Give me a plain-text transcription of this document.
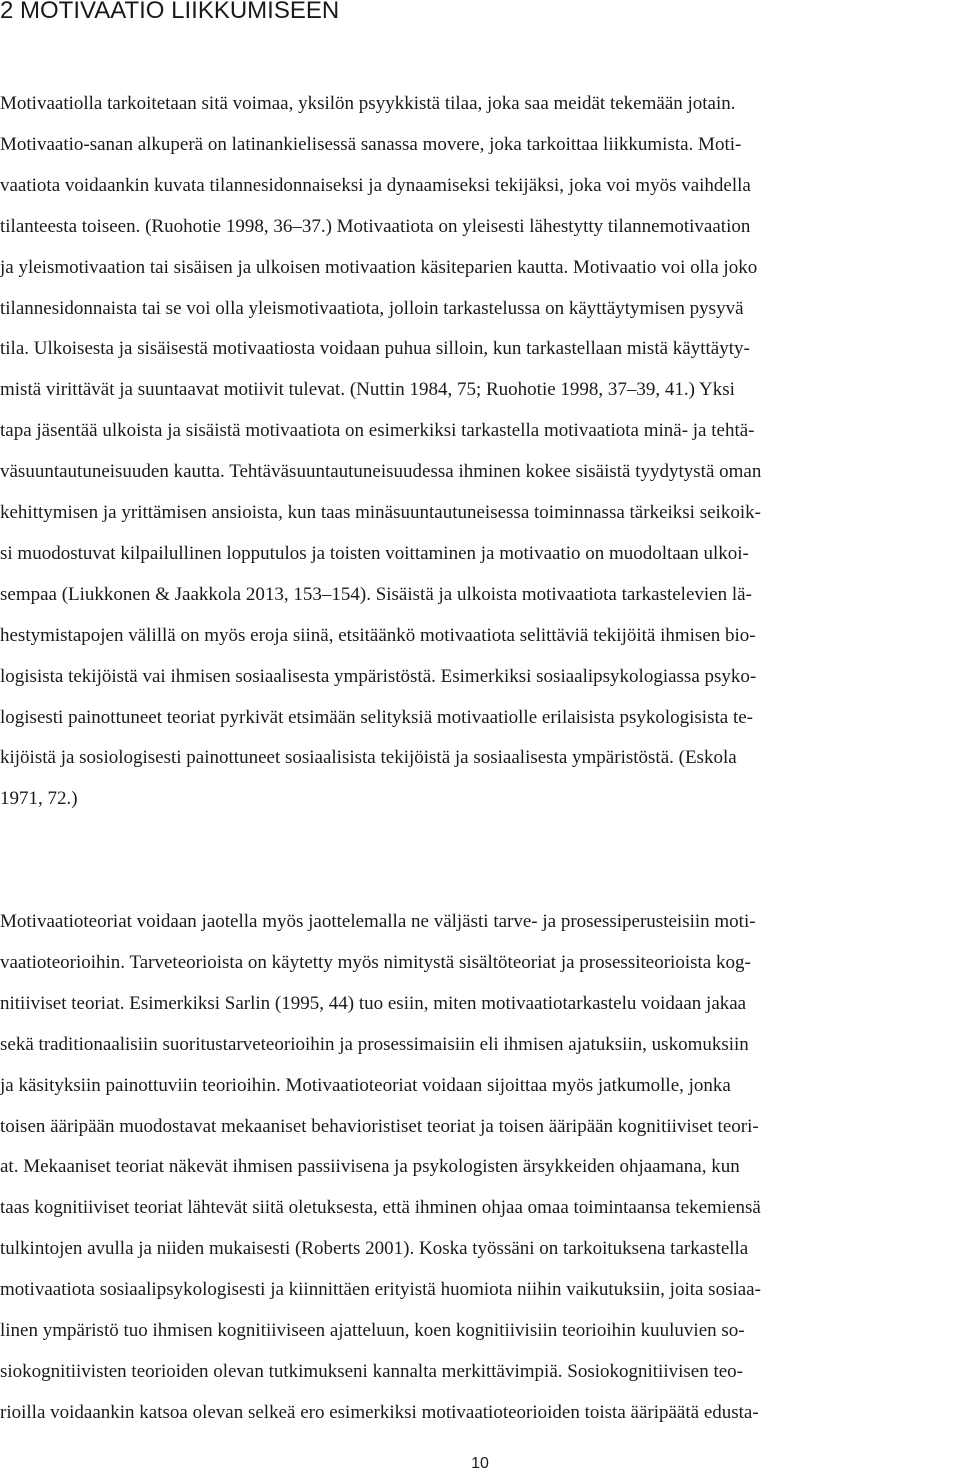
2 MOTIVAATIO LIIKKUMISEEN
Motivaatiolla tarkoitetaan sitä voimaa, yksilön psyykkistä tilaa, joka saa meidät tekemään jotain.
Motivaatio-sanan alkuperä on latinankielisessä sanassa movere, joka tarkoittaa liikkumista. Moti-
vaatiota voidaankin kuvata tilannesidonnaiseksi ja dynaamiseksi tekijäksi, joka voi myös vaihdella
tilanteesta toiseen. (Ruohotie 1998, 36–37.) Motivaatiota on yleisesti lähestytty tilannemotivaation
ja yleismotivaation tai sisäisen ja ulkoisen motivaation käsiteparien kautta. Motivaatio voi olla joko
tilannesidonnaista tai se voi olla yleismotivaatiota, jolloin tarkastelussa on käyttäytymisen pysyvä
tila. Ulkoisesta ja sisäisestä motivaatiosta voidaan puhua silloin, kun tarkastellaan mistä käyttäyty-
mistä virittävät ja suuntaavat motiivit tulevat. (Nuttin 1984, 75; Ruohotie 1998, 37–39, 41.) Yksi
tapa jäsentää ulkoista ja sisäistä motivaatiota on esimerkiksi tarkastella motivaatiota minä- ja tehtä-
väsuuntautuneisuuden kautta. Tehtäväsuuntautuneisuudessa ihminen kokee sisäistä tyydytystä oman
kehittymisen ja yrittämisen ansioista, kun taas minäsuuntautuneisessa toiminnassa tärkeiksi seikoik-
si muodostuvat kilpailullinen lopputulos ja toisten voittaminen ja motivaatio on muodoltaan ulkoi-
sempaa (Liukkonen & Jaakkola 2013, 153–154). Sisäistä ja ulkoista motivaatiota tarkastelevien lä-
hestymistapojen välillä on myös eroja siinä, etsitäänkö motivaatiota selittäviä tekijöitä ihmisen bio-
logisista tekijöistä vai ihmisen sosiaalisesta ympäristöstä. Esimerkiksi sosiaalipsykologiassa psyko-
logisesti painottuneet teoriat pyrkivät etsimään selityksiä motivaatiolle erilaisista psykologisista te-
kijöistä ja sosiologisesti painottuneet sosiaalisista tekijöistä ja sosiaalisesta ympäristöstä. (Eskola
1971, 72.)
Motivaatioteoriat voidaan jaotella myös jaottelemalla ne väljästi tarve- ja prosessiperusteisiin moti-
vaatioteorioihin. Tarveteorioista on käytetty myös nimitystä sisältöteoriat ja prosessiteorioista kog-
nitiiviset teoriat. Esimerkiksi Sarlin (1995, 44) tuo esiin, miten motivaatiotarkastelu voidaan jakaa
sekä traditionaalisiin suoritustarveteorioihin ja prosessimaisiin eli ihmisen ajatuksiin, uskomuksiin
ja käsityksiin painottuviin teorioihin. Motivaatioteoriat voidaan sijoittaa myös jatkumolle, jonka
toisen ääripään muodostavat mekaaniset behavioristiset teoriat ja toisen ääripään kognitiiviset teori-
at. Mekaaniset teoriat näkevät ihmisen passiivisena ja psykologisten ärsykkeiden ohjaamana, kun
taas kognitiiviset teoriat lähtevät siitä oletuksesta, että ihminen ohjaa omaa toimintaansa tekemiensä
tulkintojen avulla ja niiden mukaisesti (Roberts 2001). Koska työssäni on tarkoituksena tarkastella
motivaatiota sosiaalipsykologisesti ja kiinnittäen erityistä huomiota niihin vaikutuksiin, joita sosiaa-
linen ympäristö tuo ihmisen kognitiiviseen ajatteluun, koen kognitiivisiin teorioihin kuuluvien so-
siokognitiivisten teorioiden olevan tutkimukseni kannalta merkittävimpiä. Sosiokognitiivisen teo-
rioilla voidaankin katsoa olevan selkeä ero esimerkiksi motivaatioteorioiden toista ääripäätä edusta-
10
